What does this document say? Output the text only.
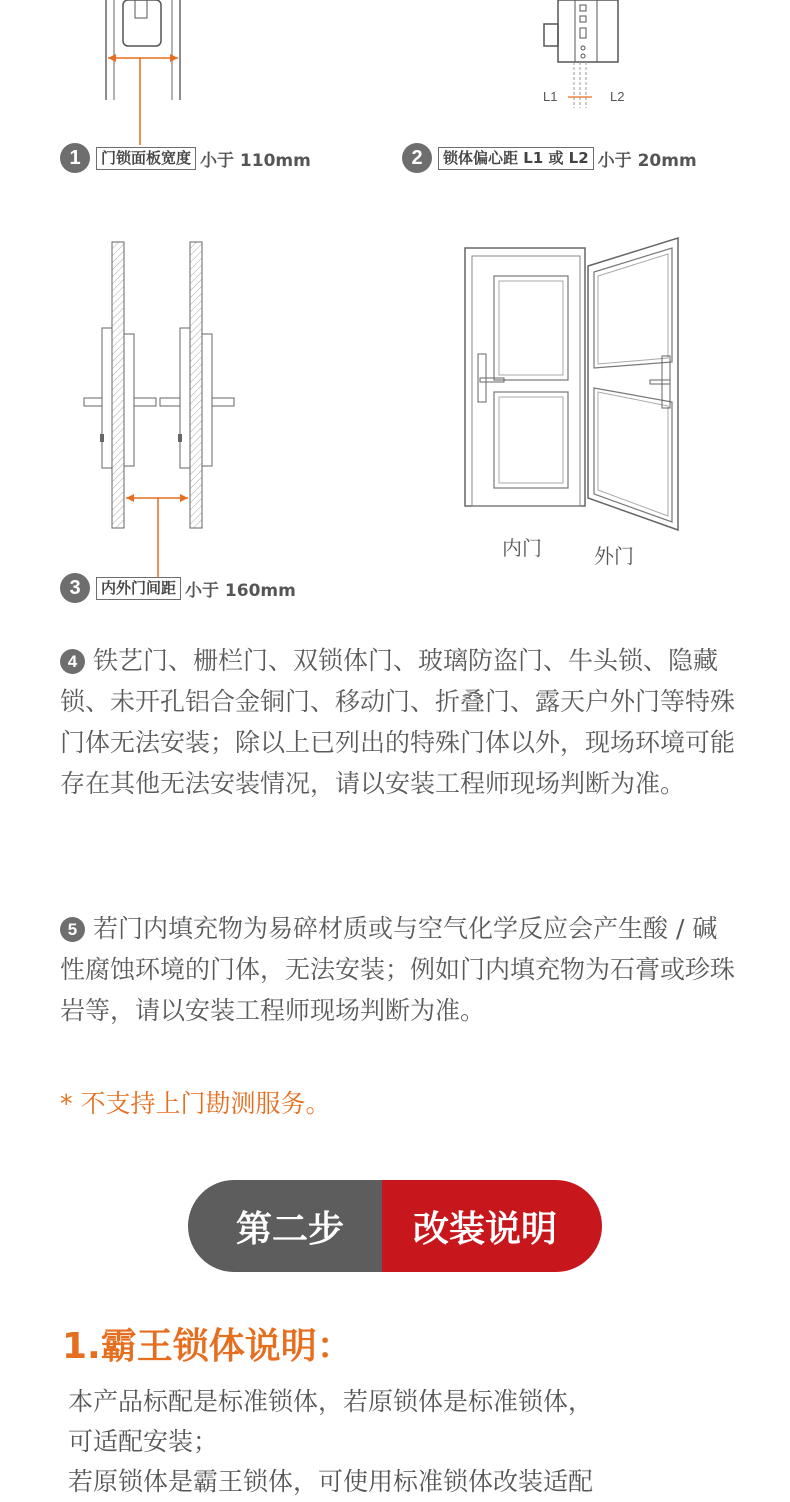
L1	L2
1	门锁面板宽度 小于 110mm	2	锁体偏心距 L1 或 L2 小于 20mm
3	内外门间距 小于 160mm
内门	外门
4 铁艺门、栅栏门、双锁体门、玻璃防盗门、牛头锁、隐藏锁、未开孔铝合金铜门、移动门、折叠门、露天户外门等特殊门体无法安装；除以上已列出的特殊门体以外，现场环境可能存在其他无法安装情况，请以安装工程师现场判断为准。
5 若门内填充物为易碎材质或与空气化学反应会产生酸 / 碱性腐蚀环境的门体，无法安装；例如门内填充物为石膏或珍珠岩等，请以安装工程师现场判断为准。
* 不支持上门勘测服务。
第二步	改装说明
1.霸王锁体说明：
本产品标配是标准锁体，若原锁体是标准锁体，
可适配安装；
若原锁体是霸王锁体，可使用标准锁体改装适配
